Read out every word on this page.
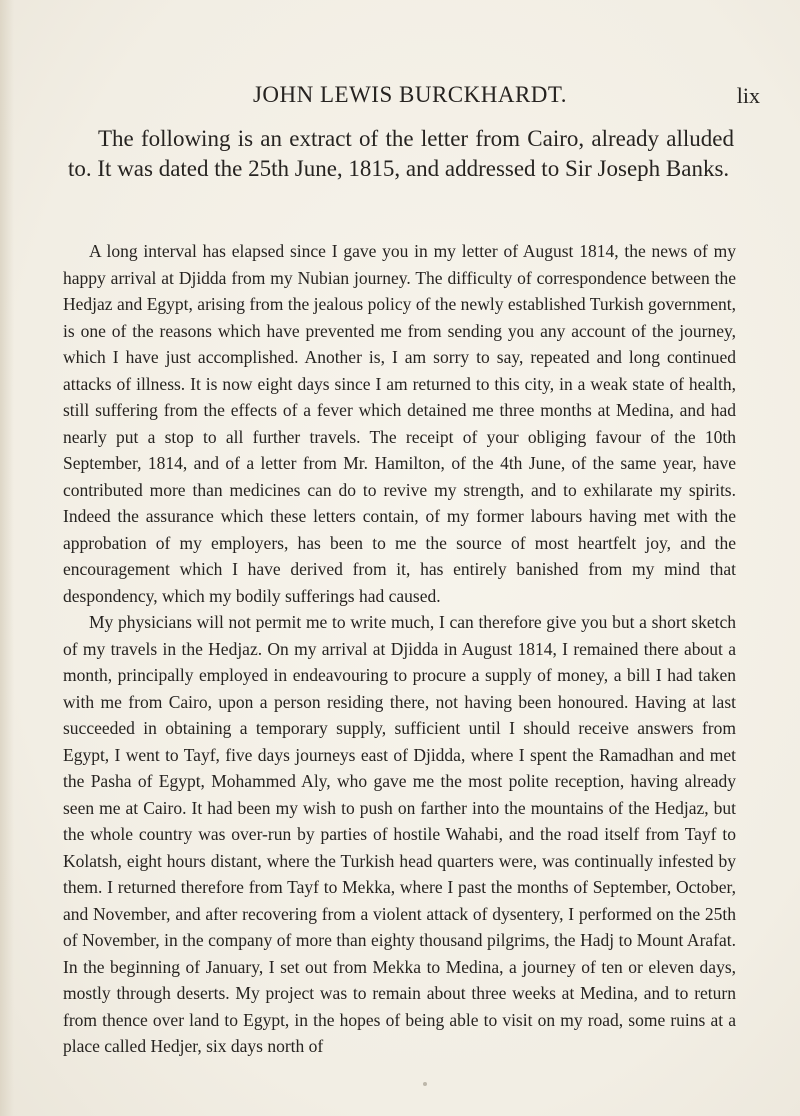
JOHN LEWIS BURCKHARDT.	lix

The following is an extract of the letter from Cairo, already alluded to. It was dated the 25th June, 1815, and addressed to Sir Joseph Banks.

A long interval has elapsed since I gave you in my letter of August 1814, the news of my happy arrival at Djidda from my Nubian journey. The difficulty of correspondence between the Hedjaz and Egypt, arising from the jealous policy of the newly established Turkish government, is one of the reasons which have prevented me from sending you any account of the journey, which I have just accomplished. Another is, I am sorry to say, repeated and long continued attacks of illness. It is now eight days since I am returned to this city, in a weak state of health, still suffering from the effects of a fever which detained me three months at Medina, and had nearly put a stop to all further travels. The receipt of your obliging favour of the 10th September, 1814, and of a letter from Mr. Hamilton, of the 4th June, of the same year, have contributed more than medicines can do to revive my strength, and to exhilarate my spirits. Indeed the assurance which these letters contain, of my former labours having met with the approbation of my employers, has been to me the source of most heartfelt joy, and the encouragement which I have derived from it, has entirely banished from my mind that despondency, which my bodily sufferings had caused.

My physicians will not permit me to write much, I can therefore give you but a short sketch of my travels in the Hedjaz. On my arrival at Djidda in August 1814, I remained there about a month, principally employed in endeavouring to procure a supply of money, a bill I had taken with me from Cairo, upon a person residing there, not having been honoured. Having at last succeeded in obtaining a temporary supply, sufficient until I should receive answers from Egypt, I went to Tayf, five days journeys east of Djidda, where I spent the Ramadhan and met the Pasha of Egypt, Mohammed Aly, who gave me the most polite reception, having already seen me at Cairo. It had been my wish to push on farther into the mountains of the Hedjaz, but the whole country was over-run by parties of hostile Wahabi, and the road itself from Tayf to Kolatsh, eight hours distant, where the Turkish head quarters were, was continually infested by them. I returned therefore from Tayf to Mekka, where I past the months of September, October, and November, and after recovering from a violent attack of dysentery, I performed on the 25th of November, in the company of more than eighty thousand pilgrims, the Hadj to Mount Arafat. In the beginning of January, I set out from Mekka to Medina, a journey of ten or eleven days, mostly through deserts. My project was to remain about three weeks at Medina, and to return from thence over land to Egypt, in the hopes of being able to visit on my road, some ruins at a place called Hedjer, six days north of
